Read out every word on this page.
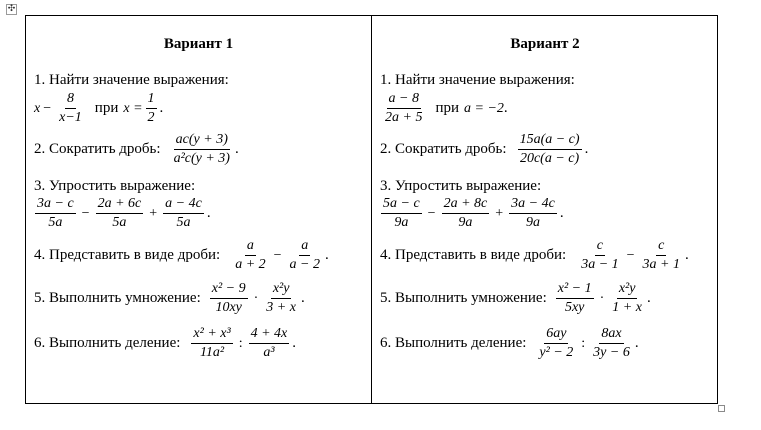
✣
Вариант 1
1. Найти значение выражения:
$x - \frac{8}{x-1}$ при $x = \frac{1}{2}$ .
2. Сократить дробь: $\frac{ac(y + 3)}{\text{a²c(y + 3)}}$ .
3. Упростить выражение:
$\frac{3a - c}{5a} - \frac{2a + 6c}{5a} + \frac{a - 4c}{5a}$ .
4. Представить в виде дроби: $\frac{a}{a + 2} - \frac{a}{a - 2}$ .
5. Выполнить умножение: $\frac{\text{x² − 9}}{10xy} \cdot \frac{\text{x²y}}{3 + x}$ .
6. Выполнить деление: $\frac{\text{x² + x³}}{\text{11a²}}$ : $\frac{4 + 4x}{\text{a³}}$ .
Вариант 2
1. Найти значение выражения:
$\frac{a - 8}{2a + 5}$ при a = −2 .
2. Сократить дробь: $\frac{15a(a - c)}{20c(a - c)}$ .
3. Упростить выражение:
$\frac{5a - c}{9a} - \frac{2a + 8c}{9a} + \frac{3a - 4c}{9a}$ .
4. Представить в виде дроби: $\frac{c}{3a - 1} - \frac{c}{3a + 1}$ .
5. Выполнить умножение: $\frac{\text{x² − 1}}{5xy} \cdot \frac{\text{x²y}}{1 + x}$ .
6. Выполнить деление: $\frac{6ay}{\text{y² − 2}}$ : $\frac{8ax}{3y - 6}$ .
